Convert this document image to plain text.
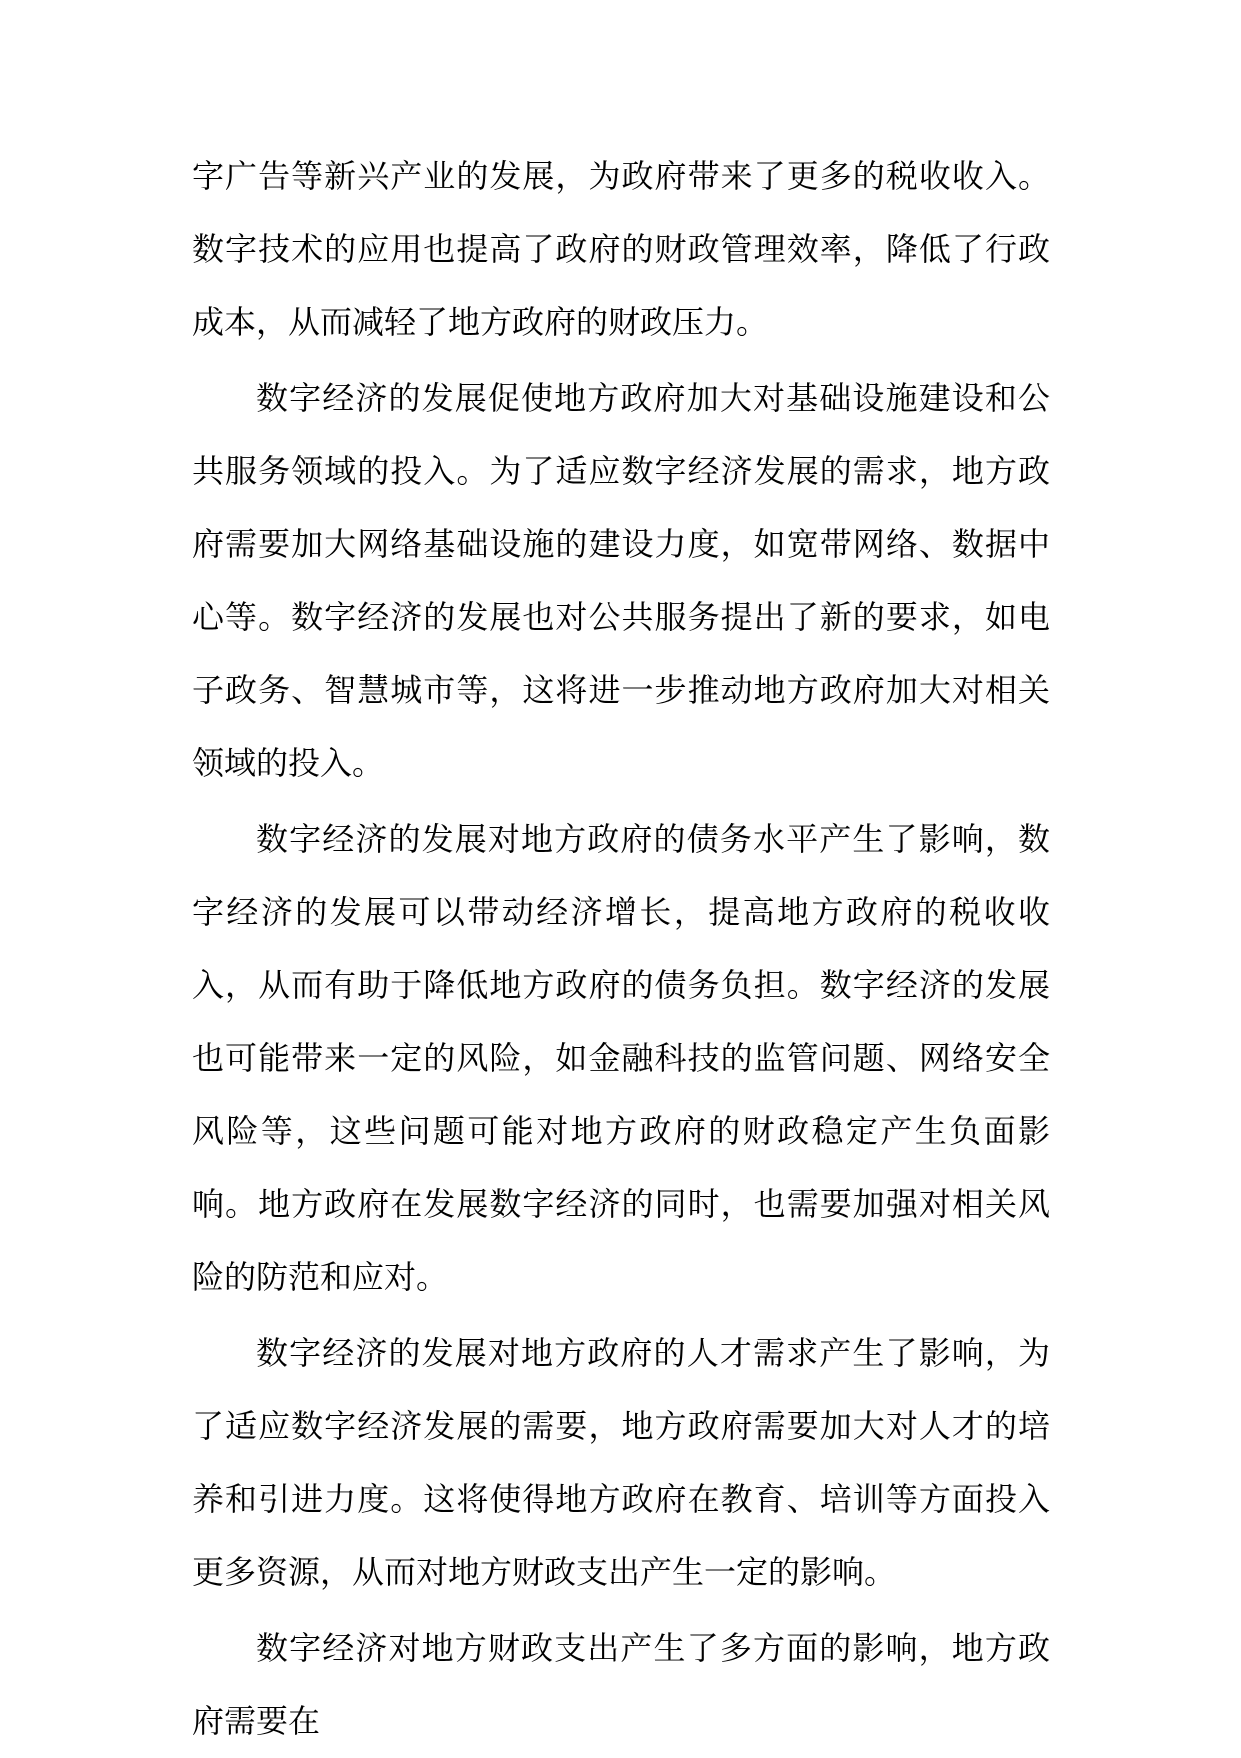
字广告等新兴产业的发展，为政府带来了更多的税收收入。数字技术的应用也提高了政府的财政管理效率，降低了行政成本，从而减轻了地方政府的财政压力。

数字经济的发展促使地方政府加大对基础设施建设和公共服务领域的投入。为了适应数字经济发展的需求，地方政府需要加大网络基础设施的建设力度，如宽带网络、数据中心等。数字经济的发展也对公共服务提出了新的要求，如电子政务、智慧城市等，这将进一步推动地方政府加大对相关领域的投入。

数字经济的发展对地方政府的债务水平产生了影响，数字经济的发展可以带动经济增长，提高地方政府的税收收入，从而有助于降低地方政府的债务负担。数字经济的发展也可能带来一定的风险，如金融科技的监管问题、网络安全风险等，这些问题可能对地方政府的财政稳定产生负面影响。地方政府在发展数字经济的同时，也需要加强对相关风险的防范和应对。

数字经济的发展对地方政府的人才需求产生了影响，为了适应数字经济发展的需要，地方政府需要加大对人才的培养和引进力度。这将使得地方政府在教育、培训等方面投入更多资源，从而对地方财政支出产生一定的影响。

数字经济对地方财政支出产生了多方面的影响，地方政府需要在
